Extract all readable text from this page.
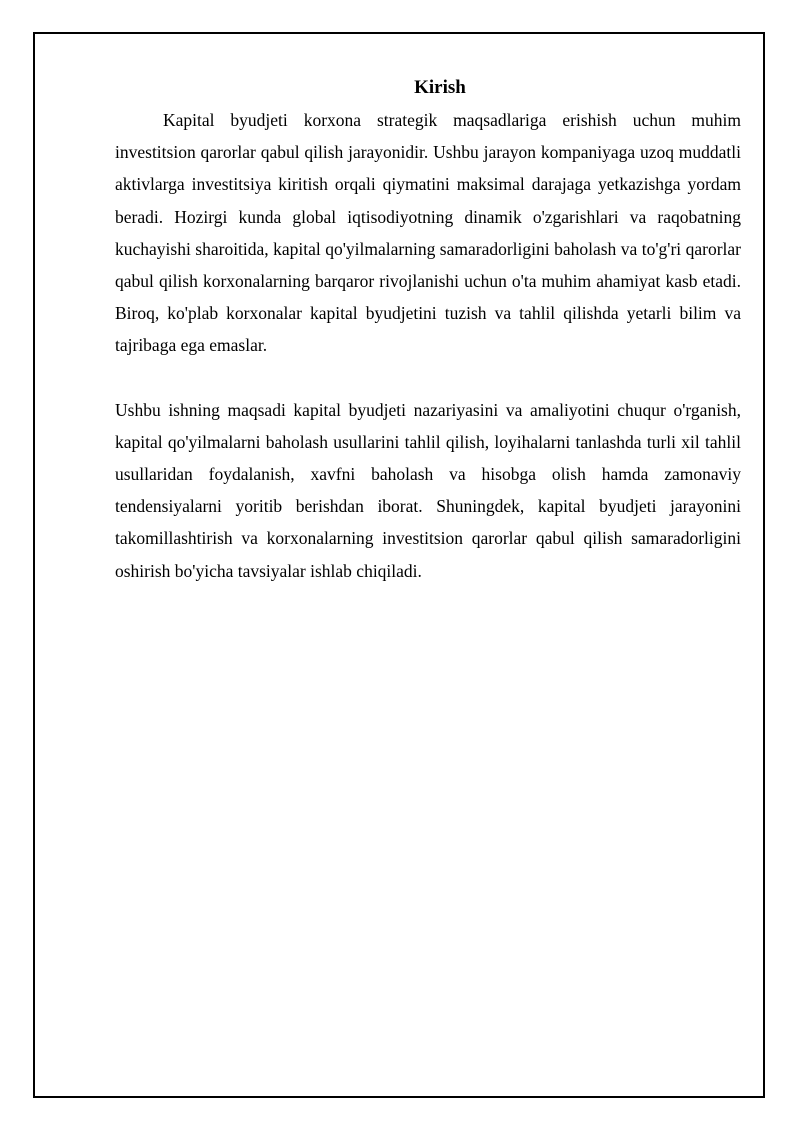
Kirish

Kapital byudjeti korxona strategik maqsadlariga erishish uchun muhim investitsion qarorlar qabul qilish jarayonidir. Ushbu jarayon kompaniyaga uzoq muddatli aktivlarga investitsiya kiritish orqali qiymatini maksimal darajaga yetkazishga yordam beradi. Hozirgi kunda global iqtisodiyotning dinamik o'zgarishlari va raqobatning kuchayishi sharoitida, kapital qo'yilmalarning samaradorligini baholash va to'g'ri qarorlar qabul qilish korxonalarning barqaror rivojlanishi uchun o'ta muhim ahamiyat kasb etadi. Biroq, ko'plab korxonalar kapital byudjetini tuzish va tahlil qilishda yetarli bilim va tajribaga ega emaslar.

Ushbu ishning maqsadi kapital byudjeti nazariyasini va amaliyotini chuqur o'rganish, kapital qo'yilmalarni baholash usullarini tahlil qilish, loyihalarni tanlashda turli xil tahlil usullaridan foydalanish, xavfni baholash va hisobga olish hamda zamonaviy tendensiyalarni yoritib berishdan iborat. Shuningdek, kapital byudjeti jarayonini takomillashtirish va korxonalarning investitsion qarorlar qabul qilish samaradorligini oshirish bo'yicha tavsiyalar ishlab chiqiladi.
